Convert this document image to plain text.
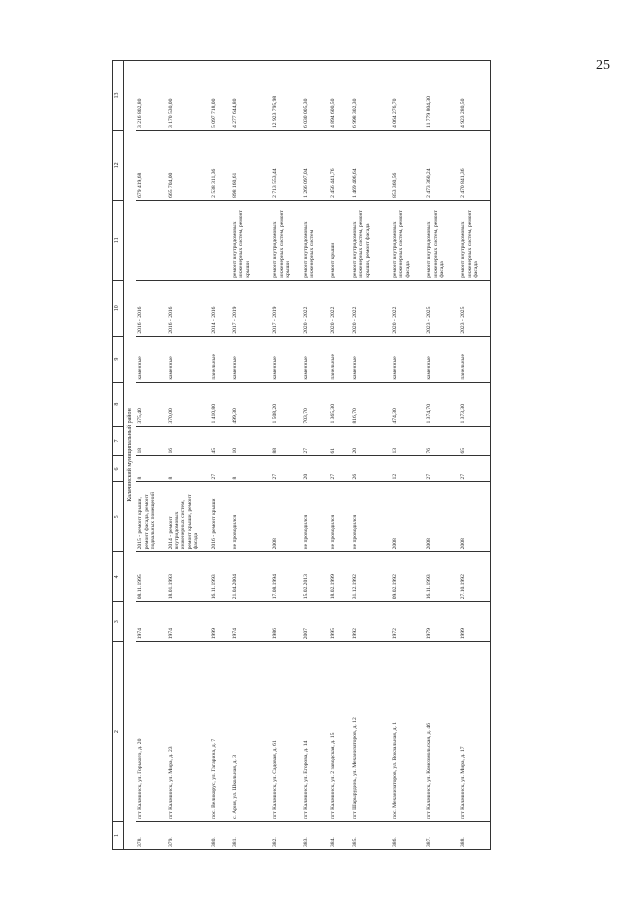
25
1	2	3	4	5	6	7	8	9	10	11	12	13
Калачинский муниципальный район												
378.	пгт Калачинск, ул. Горького, д. 20	1974	08.11.1995	2015 - ремонт крыши, ремонт фасада, ремонт подвальных помещений	8	18	375,40	каменные	2016 - 2016		679 419,68	3 216 802,80
379.	пгт Калачинск, ул. Мира, д. 23	1974	18.01.1993	2014 - ремонт внутридомовых инженерных систем, ремонт крыши, ремонт фасада	8	16	370,00	каменные	2016 - 2016		665 704,00	3 170 530,00
380.	пос. Великорус, ул. Гагарина, д. 7	1999	16.11.1993	2016 - ремонт крыши	27	45	1 410,80	панельные	2014 - 2016		2 538 311,36	5 097 718,00
381.	с. Ария, ул. Школьная, д. 3	1974	21.04.2004	не проводился	8	10	499,30	каменные	2017 - 2019	ремонт внутридомовых инженерных систем, ремонт крыши	898 160,61	4 277 644,80
382.	пгт Калачинск, ул. Садовая, д. 61	1986	17.08.1994	2008	27	88	1 508,20	каменные	2017 - 2019	ремонт внутридомовых инженерных систем, ремонт крыши	2 713 553,44	12 923 795,98
383.	пгт Калачинск, ул. Егорова, д. 14	2007	15.02.2013	не проводился	20	27	703,70	каменные	2020 - 2022	ремонт внутридомовых инженерных систем	1 266 097,04	6 030 005,30
384.	пгт Калачинск, ул. 2 заводская, д. 15	1995	18.02.1999	не проводился	27	61	1 365,30	панельные	2020 - 2022	ремонт крыши	2 456 441,76	4 894 600,50
385.	пгт Шарырудинь, ул. Механизаторов, д. 12	1992	31.12.1992	не проводился	26	20	816,70	каменные	2020 - 2022	ремонт внутридомовых инженерных систем, ремонт крыши, ремонт фасада	1 469 406,64	6 998 302,30
386.	пос. Механизаторов, ул. Вокзальная, д. 1	1972	09.02.1992	2008	12	13	474,30	каменные	2020 - 2022	ремонт внутридомовых инженерных систем, ремонт фасада	853 360,56	4 064 276,70
387.	пгт Калачинск, ул. Комсомольская, д. 46	1979	16.11.1993	2008	27	76	1 374,70	каменные	2023 - 2025	ремонт внутридомовых инженерных систем, ремонт фасада	2 473 360,24	11 779 804,30
388.	пгт Калачинск, ул. Мира, д. 17	1999	27.10.1992	2008	27	65	1 373,30	панельные	2023 - 2025	ремонт внутридомовых инженерных систем, ремонт фасада	2 470 841,36	4 923 280,50
